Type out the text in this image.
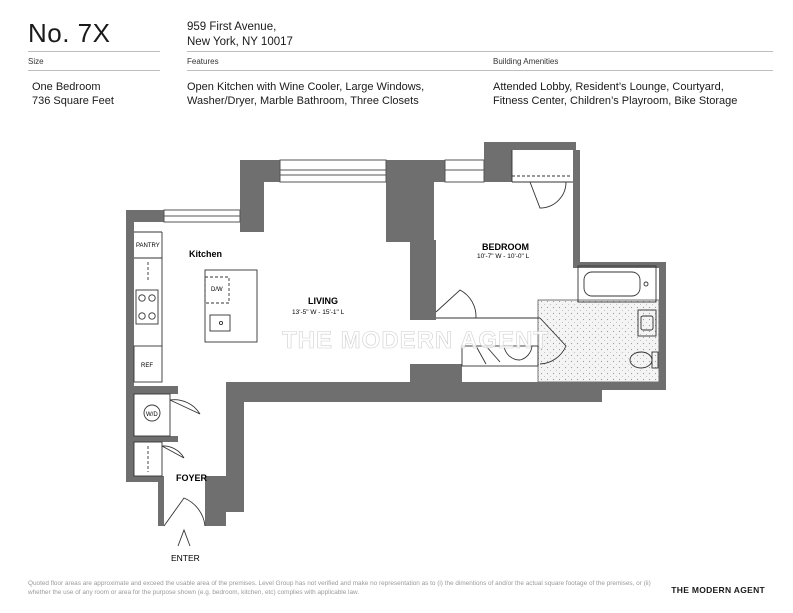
No. 7X	959 First Avenue,
New York, NY 10017
Size	Features	Building Amenities
One Bedroom
736 Square Feet
Open Kitchen with Wine Cooler, Large Windows,
Washer/Dryer, Marble Bathroom, Three Closets
Attended Lobby, Resident’s Lounge, Courtyard,
Fitness Center, Children’s Playroom, Bike Storage
PANTRY
Kitchen
D/W
REF
W/D
FOYER
ENTER
LIVING
13'-5" W - 15'-1" L
BEDROOM
10'-7" W - 10'-0" L
THE MODERN AGENT
Quoted floor areas are approximate and exceed the usable area of the premises. Level Group has not verified and make no representation as to (i) the dimentions of and/or the actual square footage of the premises, or (ii) whether the use of any room or area for the purpose shown (e.g. bedroom, kitchen, etc) complies with applicable law.	THE MODERN AGENT
